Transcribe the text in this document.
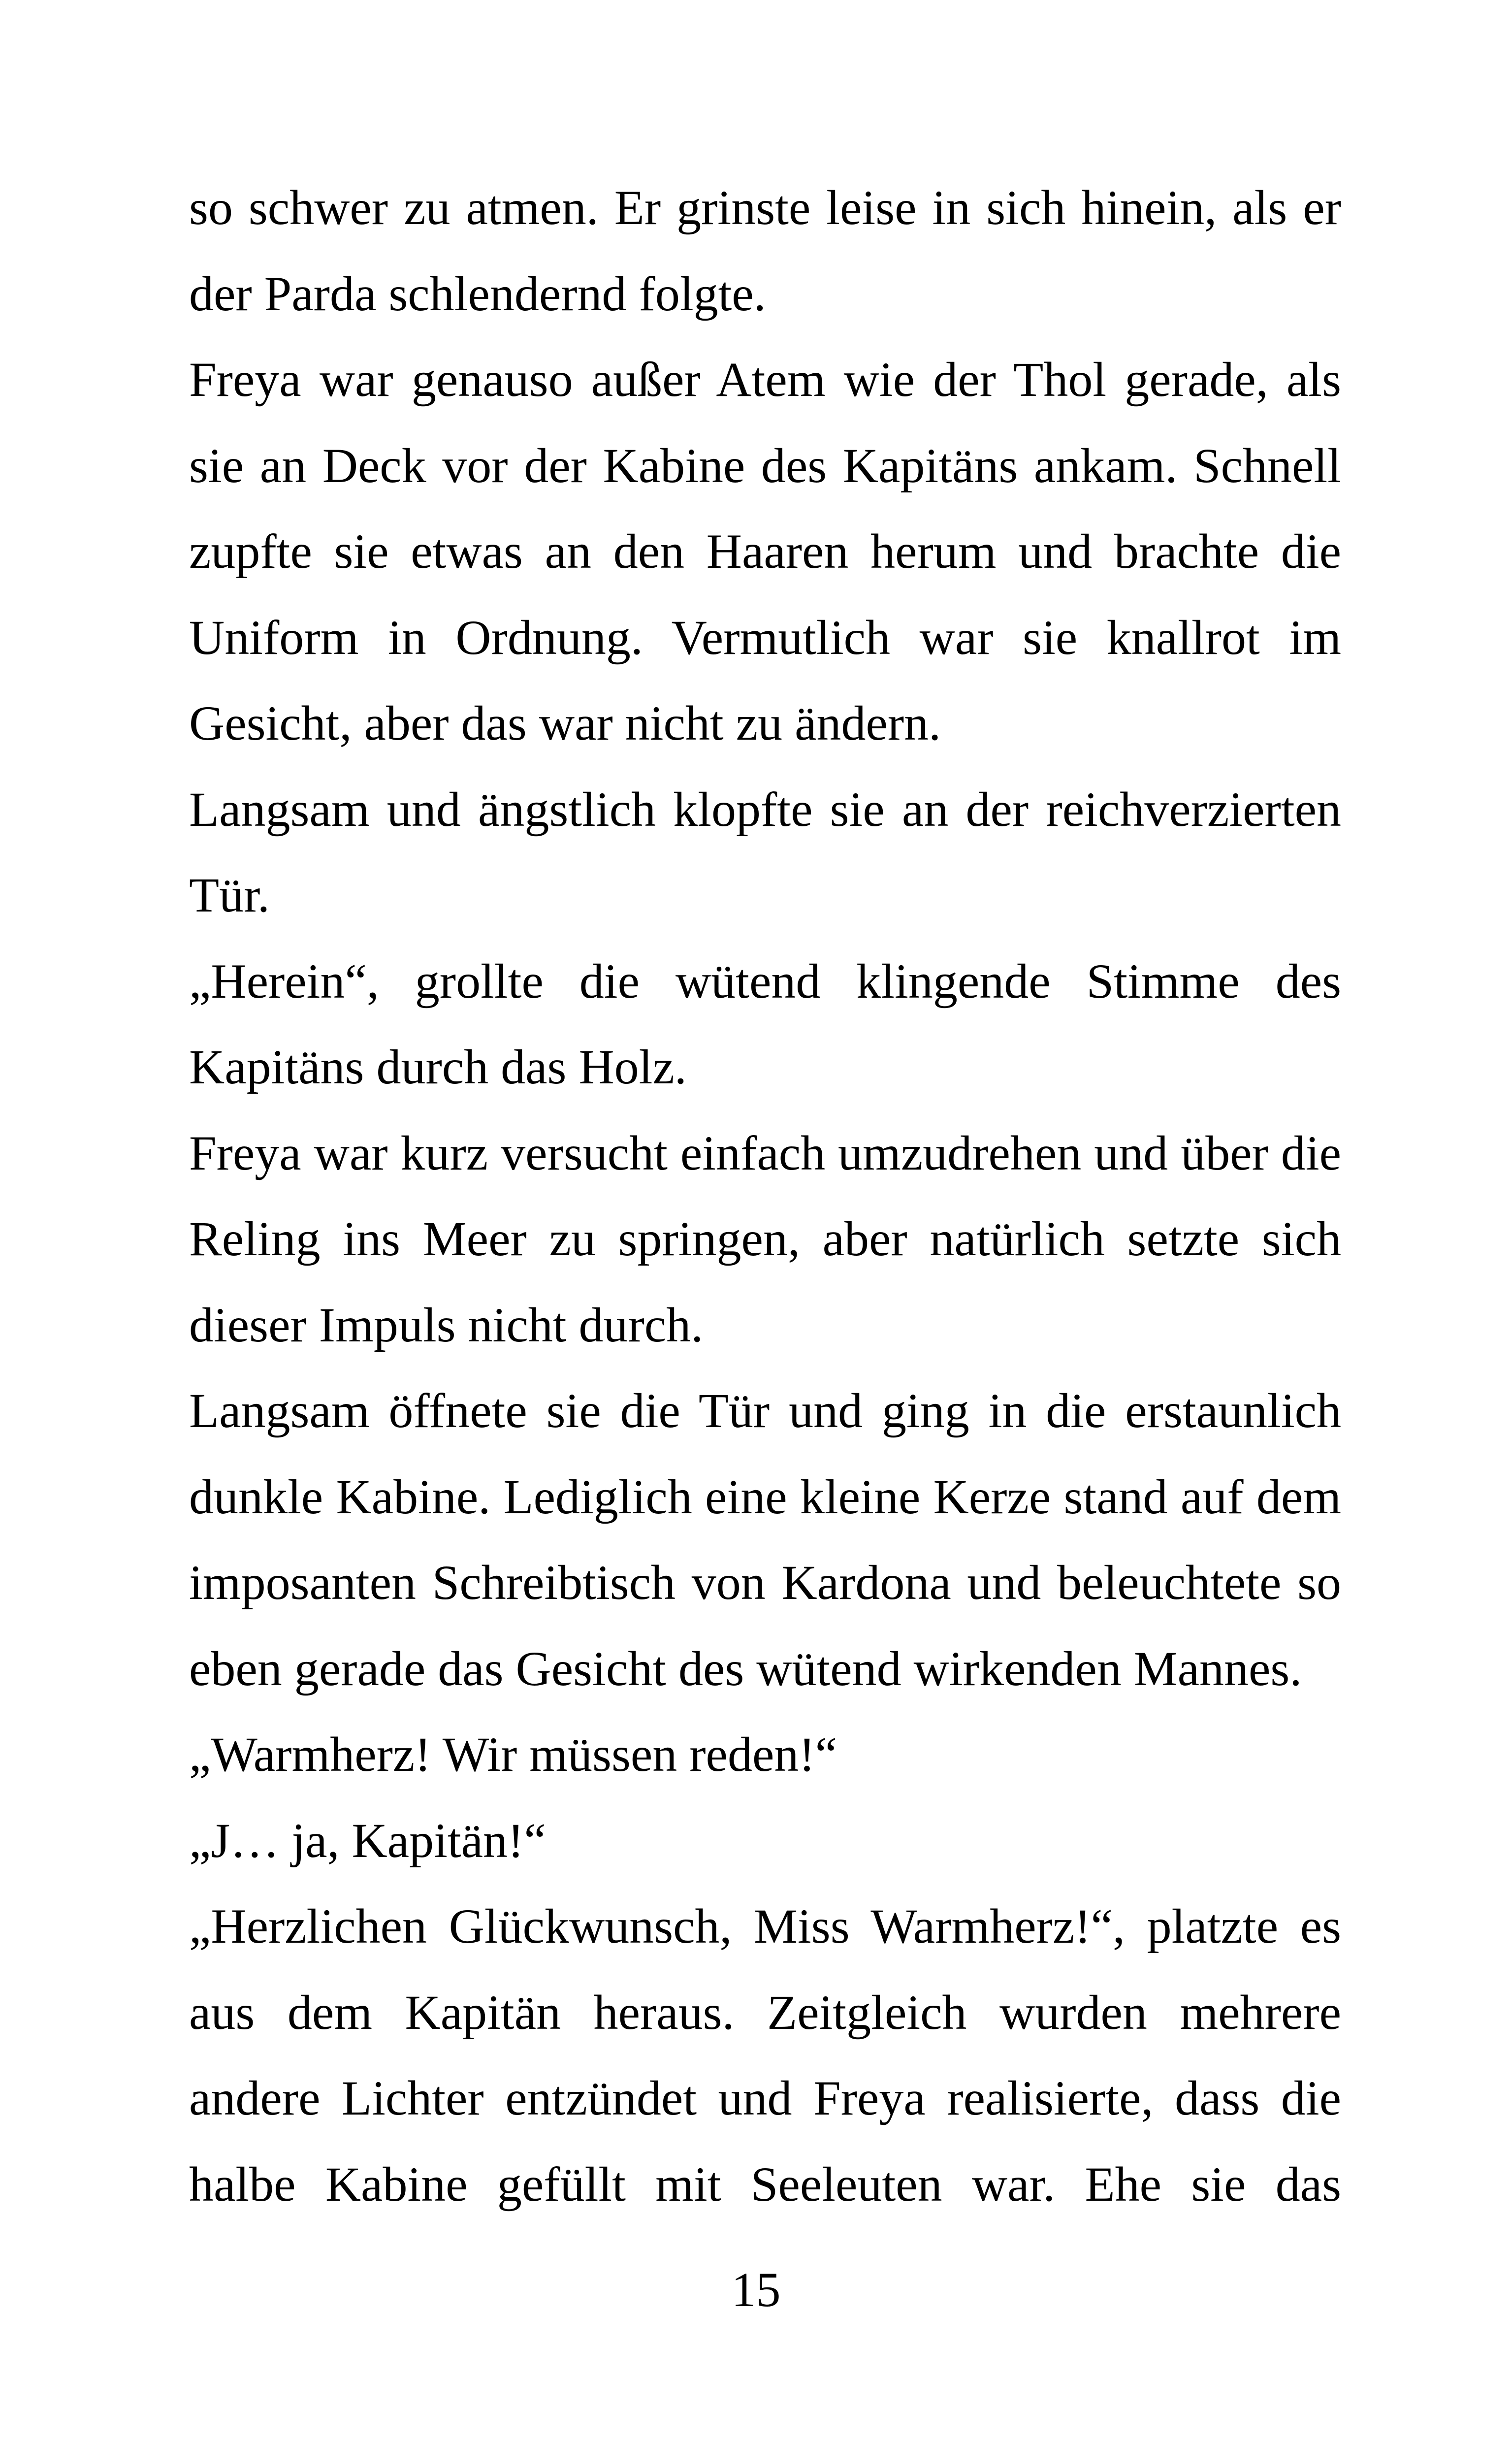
so schwer zu atmen. Er grinste leise in sich hinein, als er
der Parda schlendernd folgte.
Freya war genauso außer Atem wie der Thol gerade, als
sie an Deck vor der Kabine des Kapitäns ankam. Schnell
zupfte sie etwas an den Haaren herum und brachte die
Uniform in Ordnung. Vermutlich war sie knallrot im
Gesicht, aber das war nicht zu ändern.
Langsam und ängstlich klopfte sie an der reichverzierten
Tür.
„Herein“, grollte die wütend klingende Stimme des
Kapitäns durch das Holz.
Freya war kurz versucht einfach umzudrehen und über die
Reling ins Meer zu springen, aber natürlich setzte sich
dieser Impuls nicht durch.
Langsam öffnete sie die Tür und ging in die erstaunlich
dunkle Kabine. Lediglich eine kleine Kerze stand auf dem
imposanten Schreibtisch von Kardona und beleuchtete so
eben gerade das Gesicht des wütend wirkenden Mannes.
„Warmherz! Wir müssen reden!“
„J… ja, Kapitän!“
„Herzlichen Glückwunsch, Miss Warmherz!“, platzte es
aus dem Kapitän heraus. Zeitgleich wurden mehrere
andere Lichter entzündet und Freya realisierte, dass die
halbe Kabine gefüllt mit Seeleuten war. Ehe sie das
15
